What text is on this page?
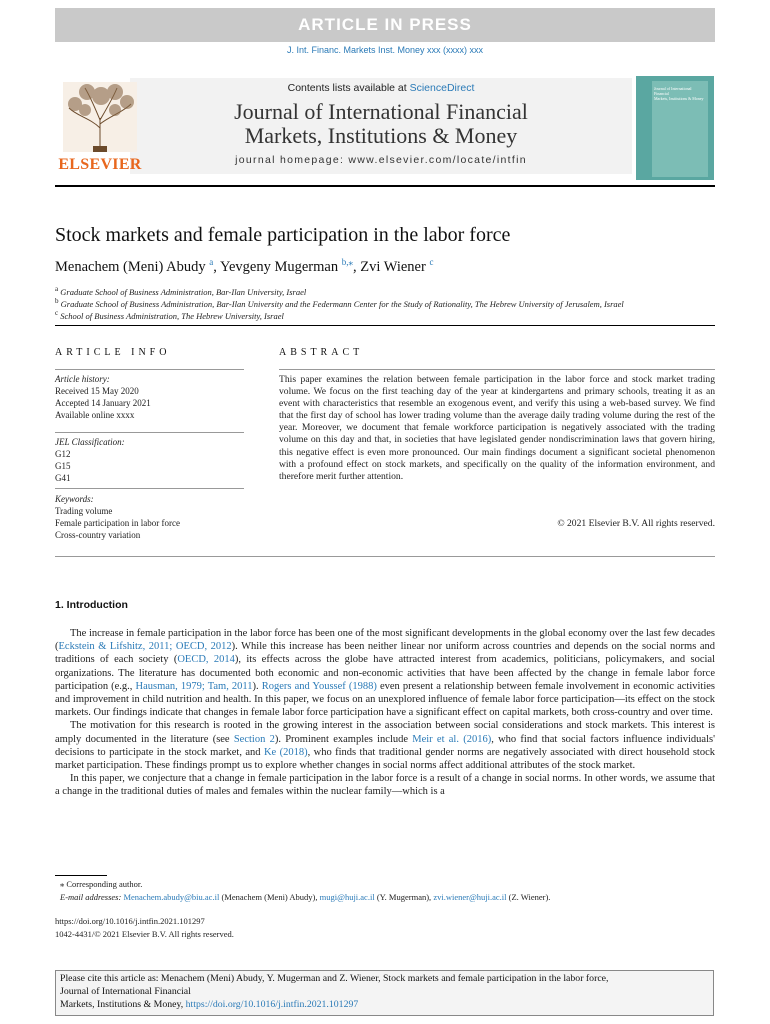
ARTICLE IN PRESS
J. Int. Financ. Markets Inst. Money xxx (xxxx) xxx
ELSEVIER
Contents lists available at ScienceDirect
Journal of International Financial
Markets, Institutions & Money
journal homepage: www.elsevier.com/locate/intfin
Journal of International Financial
Markets, Institutions & Money
Stock markets and female participation in the labor force
Menachem (Meni) Abudy $^a$, Yevgeny Mugerman $^{b,⁎}$, Zvi Wiener $^c$
$^a$ Graduate School of Business Administration, Bar-Ilan University, Israel
$^b$ Graduate School of Business Administration, Bar-Ilan University and the Federmann Center for the Study of Rationality, The Hebrew University of Jerusalem, Israel
$^c$ School of Business Administration, The Hebrew University, Israel
ARTICLE INFO
Article history:
Received 15 May 2020
Accepted 14 January 2021
Available online xxxx
JEL Classification:
G12
G15
G41
Keywords:
Trading volume
Female participation in labor force
Cross-country variation
ABSTRACT
This paper examines the relation between female participation in the labor force and stock market trading volume. We focus on the first teaching day of the year at kindergartens and primary schools, treating it as an event with characteristics that resemble an exogenous event, and verify this using a web-based survey. We find that the first day of school has lower trading volume than the average daily trading volume during the rest of the year. Moreover, we document that female workforce participation is negatively associated with the trading volume on this day and that, in societies that have legislated gender nondiscrimination laws that govern hiring, this negative effect is even more pronounced. Our main findings document a significant societal phenomenon with a profound effect on stock markets, and specifically on the quality of the information environment, and therefore merit further attention.
© 2021 Elsevier B.V. All rights reserved.
1. Introduction

The increase in female participation in the labor force has been one of the most significant developments in the global economy over the last few decades (Eckstein & Lifshitz, 2011; OECD, 2012). While this increase has been neither linear nor uniform across countries and depends on the social norms and traditions of each society (OECD, 2014), its effects across the globe have attracted interest from academics, politicians, policymakers, and social organizations. The literature has documented both economic and non-economic activities that have been affected by the change in female labor force participation (e.g., Hausman, 1979; Tam, 2011). Rogers and Youssef (1988) even present a relationship between female involvement in economic activities and improvement in child nutrition and health. In this paper, we focus on an unexplored influence of female labor force participation—its effect on the stock markets. Our findings indicate that changes in female labor force participation have a significant effect on capital markets, both cross-country and over time.

The motivation for this research is rooted in the growing interest in the association between social considerations and stock markets. This interest is amply documented in the literature (see Section 2). Prominent examples include Meir et al. (2016), who find that social factors influence individuals' decisions to participate in the stock market, and Ke (2018), who finds that traditional gender norms are negatively associated with direct household stock market participation. These findings prompt us to explore whether changes in social norms affect additional attributes of the stock market.

In this paper, we conjecture that a change in female participation in the labor force is a result of a change in social norms. In other words, we assume that a change in the traditional duties of males and females within the nuclear family—which is a

⁎ Corresponding author.
E-mail addresses: Menachem.abudy@biu.ac.il (Menachem (Meni) Abudy), mugi@huji.ac.il (Y. Mugerman), zvi.wiener@huji.ac.il (Z. Wiener).
https://doi.org/10.1016/j.intfin.2021.101297
1042-4431/© 2021 Elsevier B.V. All rights reserved.
Please cite this article as: Menachem (Meni) Abudy, Y. Mugerman and Z. Wiener, Stock markets and female participation in the labor force,
Journal of International Financial
Markets, Institutions & Money, https://doi.org/10.1016/j.intfin.2021.101297
